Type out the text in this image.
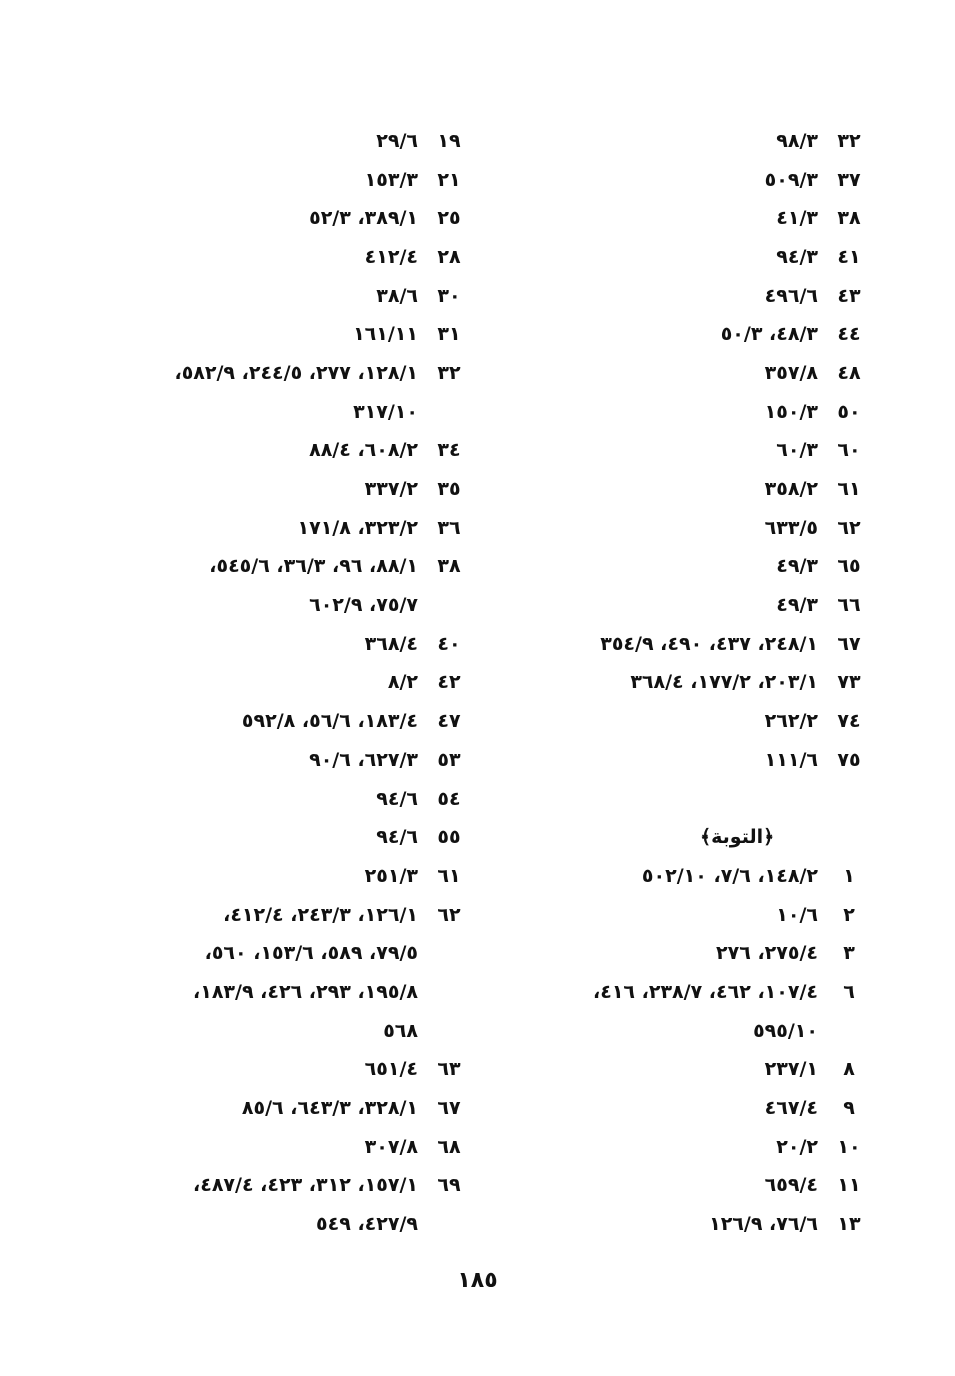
٣٢
٩٨/٣
٣٧
٥٠٩/٣
٣٨
٤١/٣
٤١
٩٤/٣
٤٣
٤٩٦/٦
٤٤
٤٨/٣، ٥٠/٣
٤٨
٣٥٧/٨
٥٠
١٥٠/٣
٦٠
٦٠/٣
٦١
٣٥٨/٢
٦٢
٦٣٣/٥
٦٥
٤٩/٣
٦٦
٤٩/٣
٦٧
٢٤٨/١، ٤٣٧، ٤٩٠، ٣٥٤/٩
٧٣
٢٠٣/١، ١٧٧/٢، ٣٦٨/٤
٧٤
٢٦٢/٢
٧٥
١١١/٦
﴿التوبة﴾
١
١٤٨/٢، ٧/٦، ٥٠٢/١٠
٢
١٠/٦
٣
٢٧٥/٤، ٢٧٦
٦
١٠٧/٤، ٤٦٢، ٢٣٨/٧، ٤١٦،
٥٩٥/١٠
٨
٢٣٧/١
٩
٤٦٧/٤
١٠
٢٠/٢
١١
٦٥٩/٤
١٣
٧٦/٦، ١٢٦/٩
١٩
٢٩/٦
٢١
١٥٣/٣
٢٥
٣٨٩/١، ٥٢/٣
٢٨
٤١٢/٤
٣٠
٣٨/٦
٣١
١٦١/١١
٣٢
١٢٨/١، ٢٧٧، ٢٤٤/٥، ٥٨٢/٩،
٣١٧/١٠
٣٤
٦٠٨/٢، ٨٨/٤
٣٥
٣٣٧/٢
٣٦
٣٢٣/٢، ١٧١/٨
٣٨
٨٨/١، ٩٦، ٣٦/٣، ٥٤٥/٦،
٧٥/٧، ٦٠٢/٩
٤٠
٣٦٨/٤
٤٢
٨/٢
٤٧
١٨٣/٤، ٥٦/٦، ٥٩٢/٨
٥٣
٦٢٧/٣، ٩٠/٦
٥٤
٩٤/٦
٥٥
٩٤/٦
٦١
٢٥١/٣
٦٢
١٢٦/١، ٢٤٣/٣، ٤١٢/٤،
٧٩/٥، ٥٨٩، ١٥٣/٦، ٥٦٠،
١٩٥/٨، ٢٩٣، ٤٢٦، ١٨٣/٩،
٥٦٨
٦٣
٦٥١/٤
٦٧
٣٢٨/١، ٦٤٣/٣، ٨٥/٦
٦٨
٣٠٧/٨
٦٩
١٥٧/١، ٣١٢، ٤٢٣، ٤٨٧/٤،
٤٢٧/٩، ٥٤٩
١٨٥
